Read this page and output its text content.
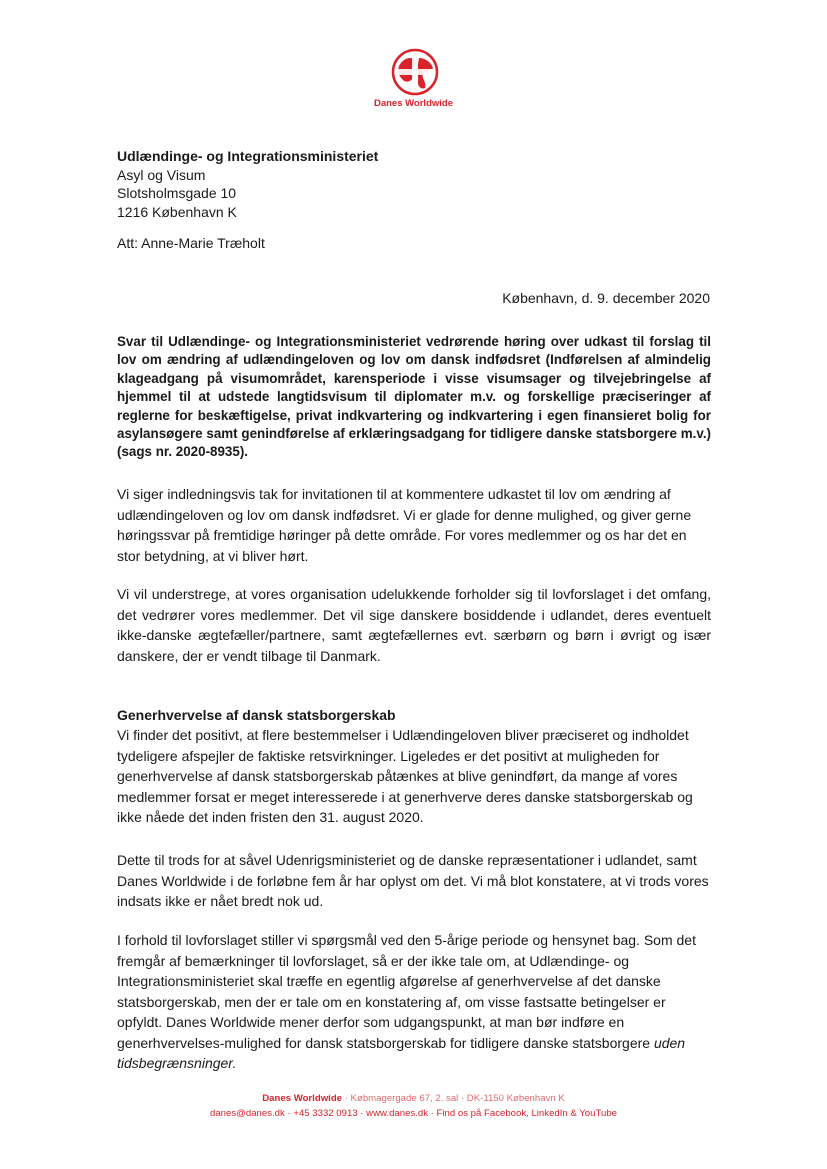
Danes Worldwide
Udlændinge- og Integrationsministeriet
Asyl og Visum
Slotsholmsgade 10
1216 København K
Att: Anne-Marie Træholt
København, d. 9. december 2020
Svar til Udlændinge- og Integrationsministeriet vedrørende høring over udkast til forslag til lov om ændring af udlændingeloven og lov om dansk indfødsret (Indførelsen af almindelig klageadgang på visumområdet, karensperiode i visse visumsager og tilvejebringelse af hjemmel til at udstede langtidsvisum til diplomater m.v. og forskellige præciseringer af reglerne for beskæftigelse, privat indkvartering og indkvartering i egen finansieret bolig for asylansøgere samt genindførelse af erklæringsadgang for tidligere danske statsborgere m.v.) (sags nr. 2020-8935).

Vi siger indledningsvis tak for invitationen til at kommentere udkastet til lov om ændring af udlændingeloven og lov om dansk indfødsret. Vi er glade for denne mulighed, og giver gerne høringssvar på fremtidige høringer på dette område. For vores medlemmer og os har det en stor betydning, at vi bliver hørt.

Vi vil understrege, at vores organisation udelukkende forholder sig til lovforslaget i det omfang, det vedrører vores medlemmer. Det vil sige danskere bosiddende i udlandet, deres eventuelt ikke-danske ægtefæller/partnere, samt ægtefællernes evt. særbørn og børn i øvrigt og især danskere, der er vendt tilbage til Danmark.

Generhvervelse af dansk statsborgerskab

Vi finder det positivt, at flere bestemmelser i Udlændingeloven bliver præciseret og indholdet tydeligere afspejler de faktiske retsvirkninger. Ligeledes er det positivt at muligheden for generhvervelse af dansk statsborgerskab påtænkes at blive genindført, da mange af vores medlemmer forsat er meget interesserede i at generhverve deres danske statsborgerskab og ikke nåede det inden fristen den 31. august 2020.

Dette til trods for at såvel Udenrigsministeriet og de danske repræsentationer i udlandet, samt Danes Worldwide i de forløbne fem år har oplyst om det. Vi må blot konstatere, at vi trods vores indsats ikke er nået bredt nok ud.

I forhold til lovforslaget stiller vi spørgsmål ved den 5-årige periode og hensynet bag. Som det fremgår af bemærkninger til lovforslaget, så er der ikke tale om, at Udlændinge- og Integrationsministeriet skal træffe en egentlig afgørelse af generhvervelse af det danske statsborgerskab, men der er tale om en konstatering af, om visse fastsatte betingelser er opfyldt. Danes Worldwide mener derfor som udgangspunkt, at man bør indføre en generhvervelses-mulighed for dansk statsborgerskab for tidligere danske statsborgere uden tidsbegrænsninger.

Danes Worldwide · Købmagergade 67, 2. sal · DK-1150 København K
danes@danes.dk · +45 3332 0913 · www.danes.dk · Find os på Facebook, LinkedIn & YouTube
